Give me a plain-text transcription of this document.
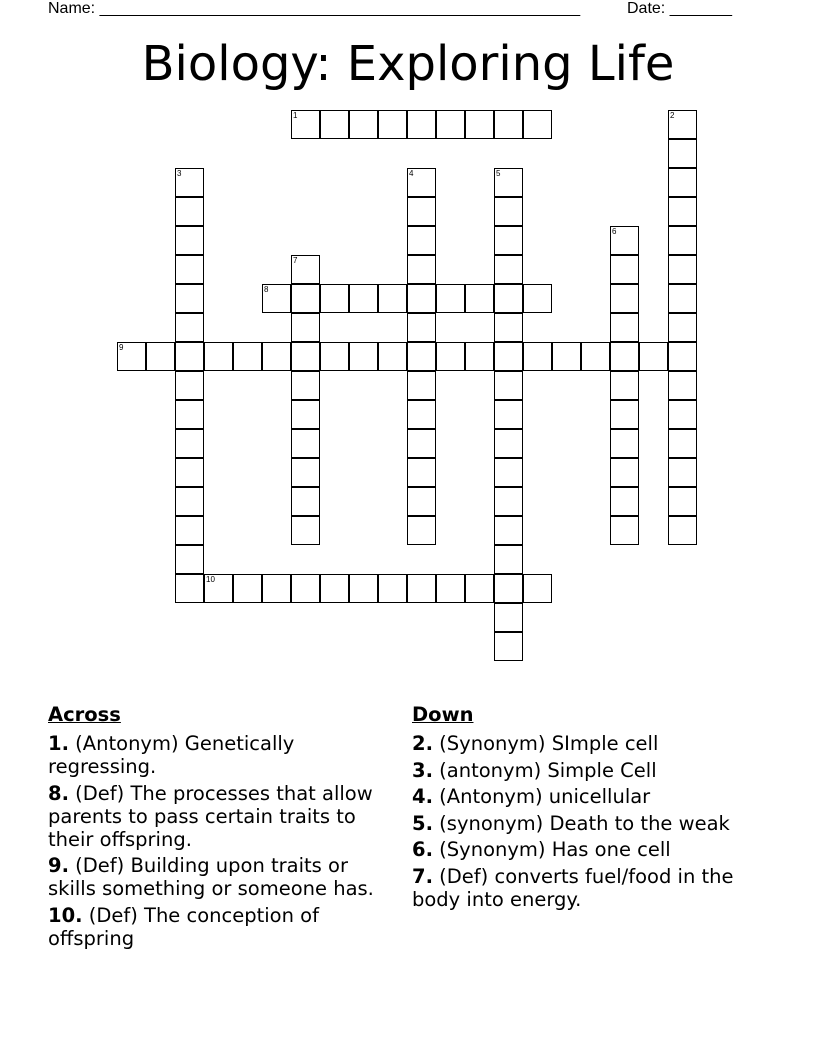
Name: ______________________________________________________	Date: _______
Biology: Exploring Life
1	2
3	4	5
6
7
8
9
10
Across
1. (Antonym) Genetically regressing.
8. (Def) The processes that allow parents to pass certain traits to their offspring.
9. (Def) Building upon traits or skills something or someone has.
10. (Def) The conception of offspring
Down
2. (Synonym) SImple cell
3. (antonym) Simple Cell
4. (Antonym) unicellular
5. (synonym) Death to the weak
6. (Synonym) Has one cell
7. (Def) converts fuel/food in the body into energy.
